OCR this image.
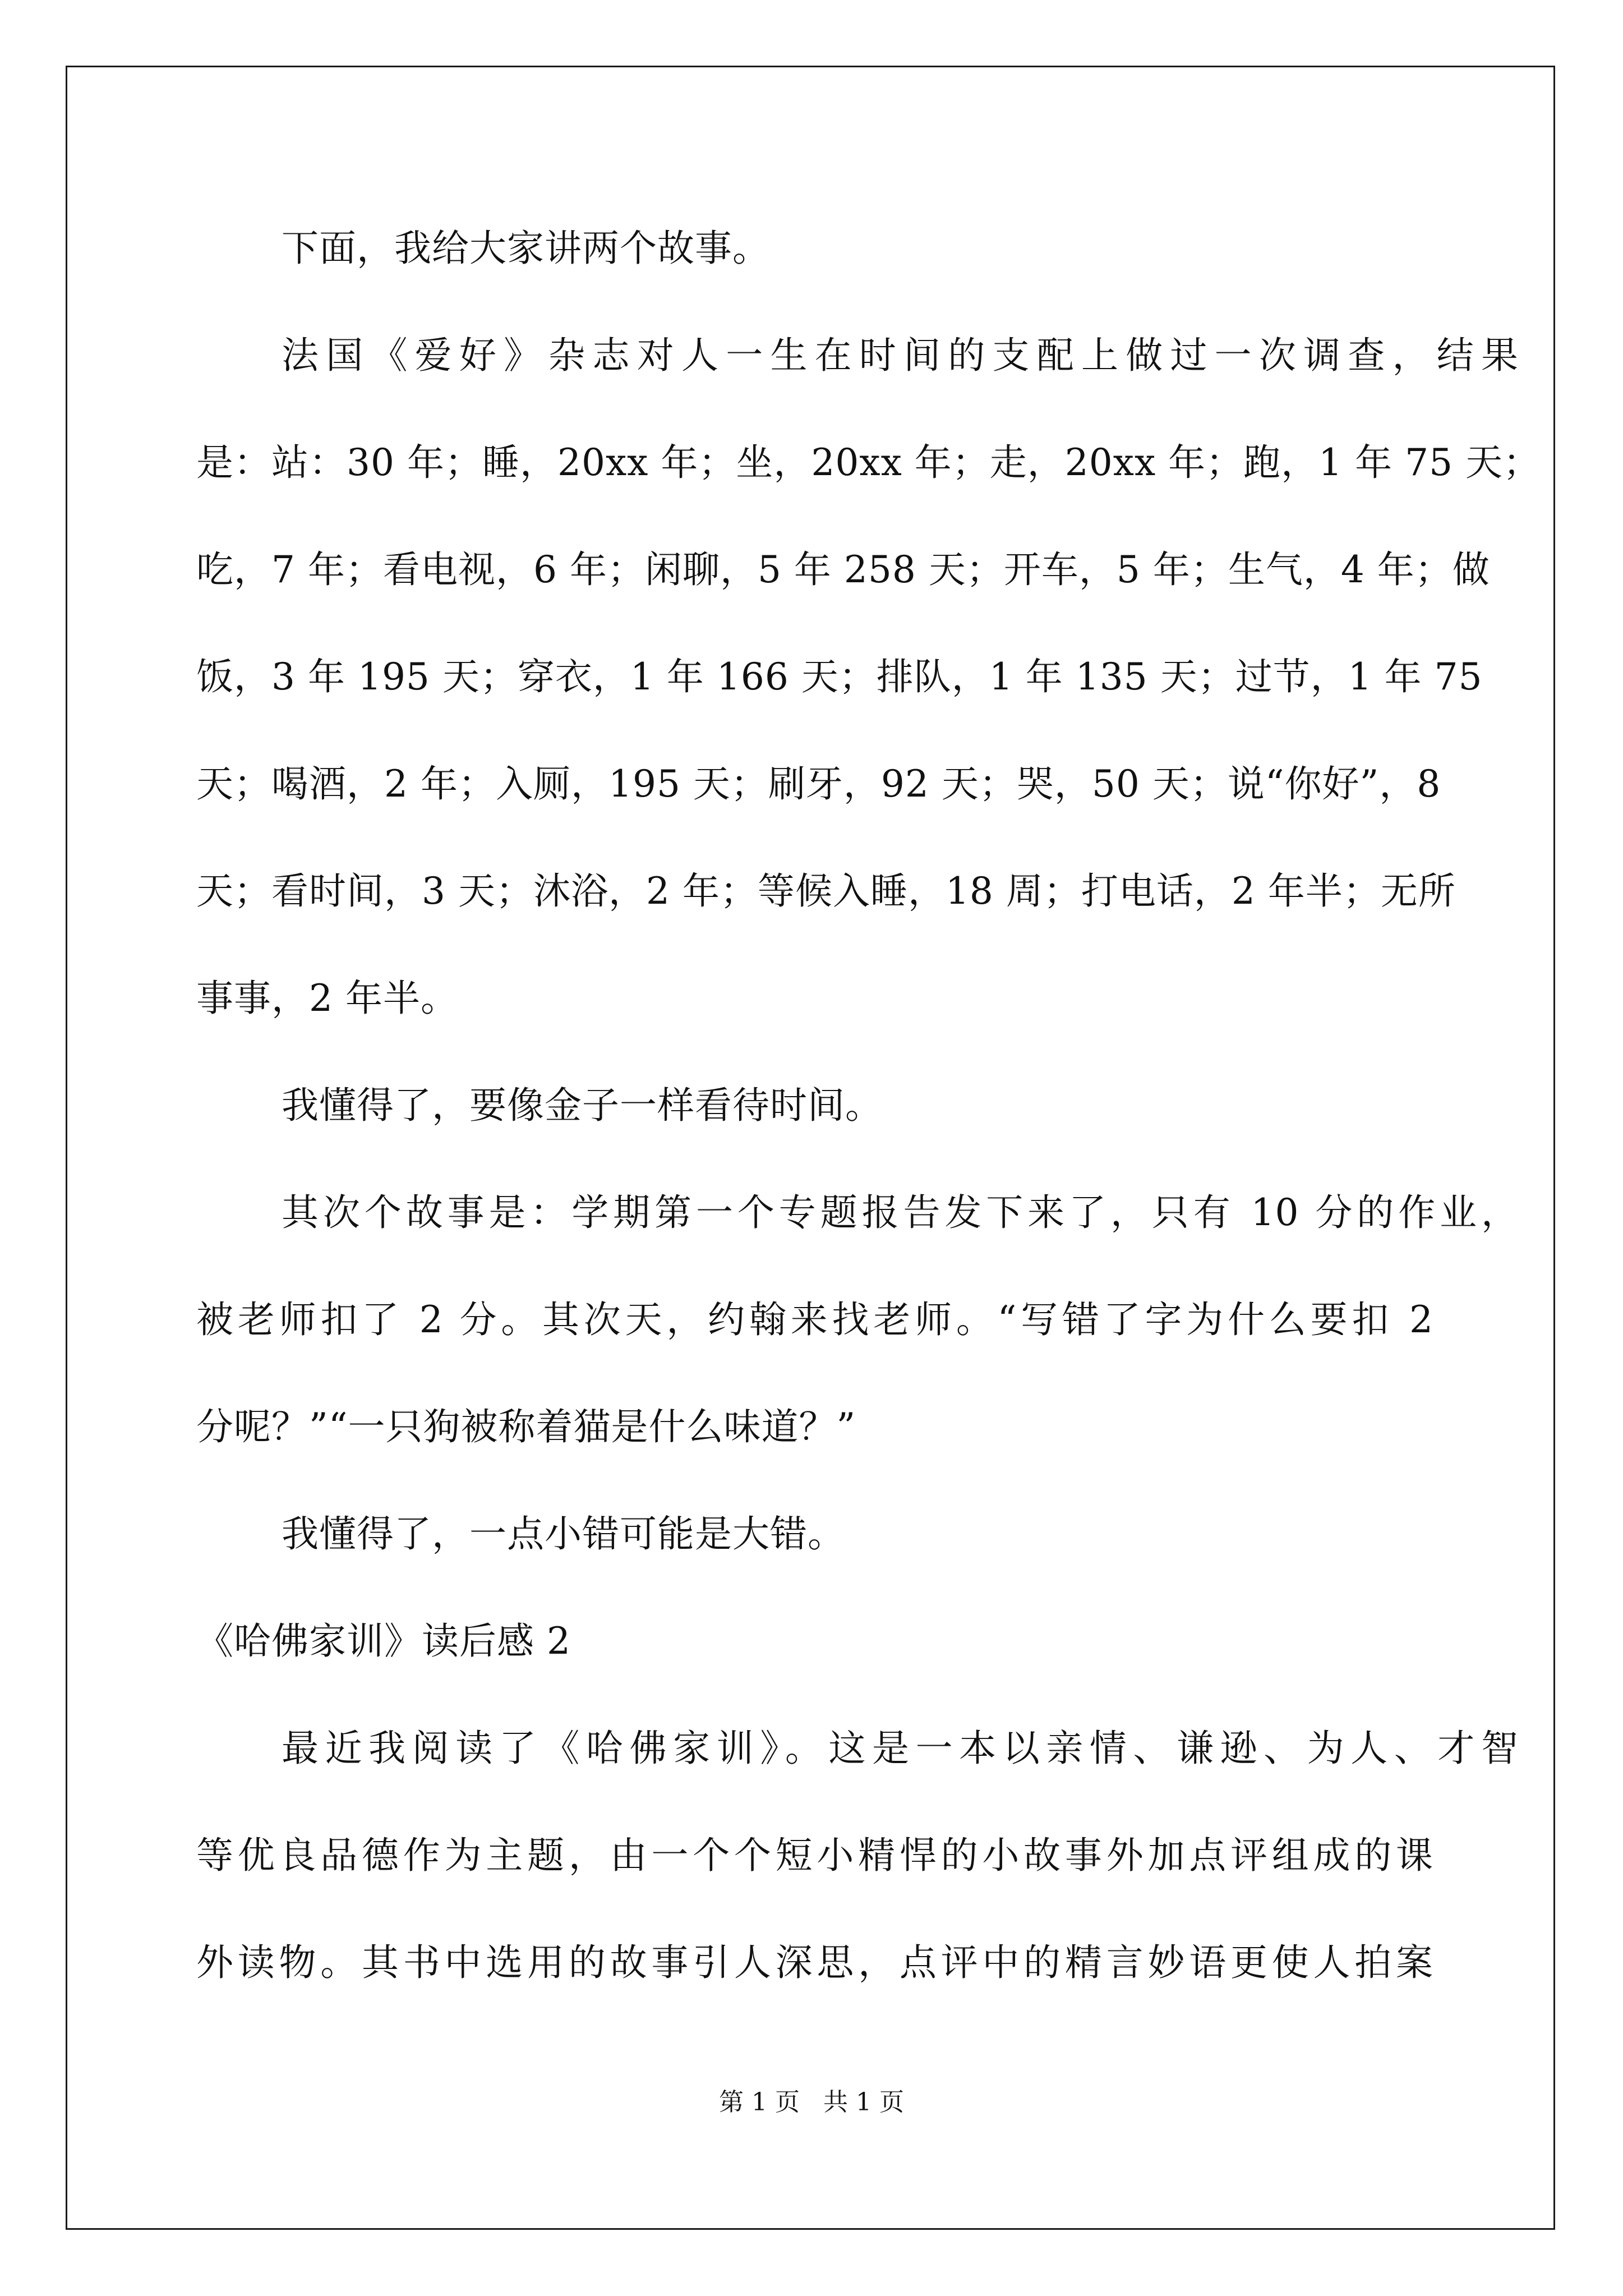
下面，我给大家讲两个故事。
法国《爱好》杂志对人一生在时间的支配上做过一次调查，结果
是：站：30 年；睡，20xx 年；坐，20xx 年；走，20xx 年；跑，1 年 75 天；
吃，7 年；看电视，6 年；闲聊，5 年 258 天；开车，5 年；生气，4 年；做
饭，3 年 195 天；穿衣，1 年 166 天；排队，1 年 135 天；过节，1 年 75
天；喝酒，2 年；入厕，195 天；刷牙，92 天；哭，50 天；说“你好”，8
天；看时间，3 天；沐浴，2 年；等候入睡，18 周；打电话，2 年半；无所
事事，2 年半。
我懂得了，要像金子一样看待时间。
其次个故事是：学期第一个专题报告发下来了，只有 10 分的作业，
被老师扣了 2 分。其次天，约翰来找老师。“写错了字为什么要扣 2
分呢？”“一只狗被称着猫是什么味道？”
我懂得了，一点小错可能是大错。
《哈佛家训》读后感 2
最近我阅读了《哈佛家训》。这是一本以亲情、谦逊、为人、才智
等优良品德作为主题，由一个个短小精悍的小故事外加点评组成的课
外读物。其书中选用的故事引人深思，点评中的精言妙语更使人拍案
第 1 页   共 1 页
